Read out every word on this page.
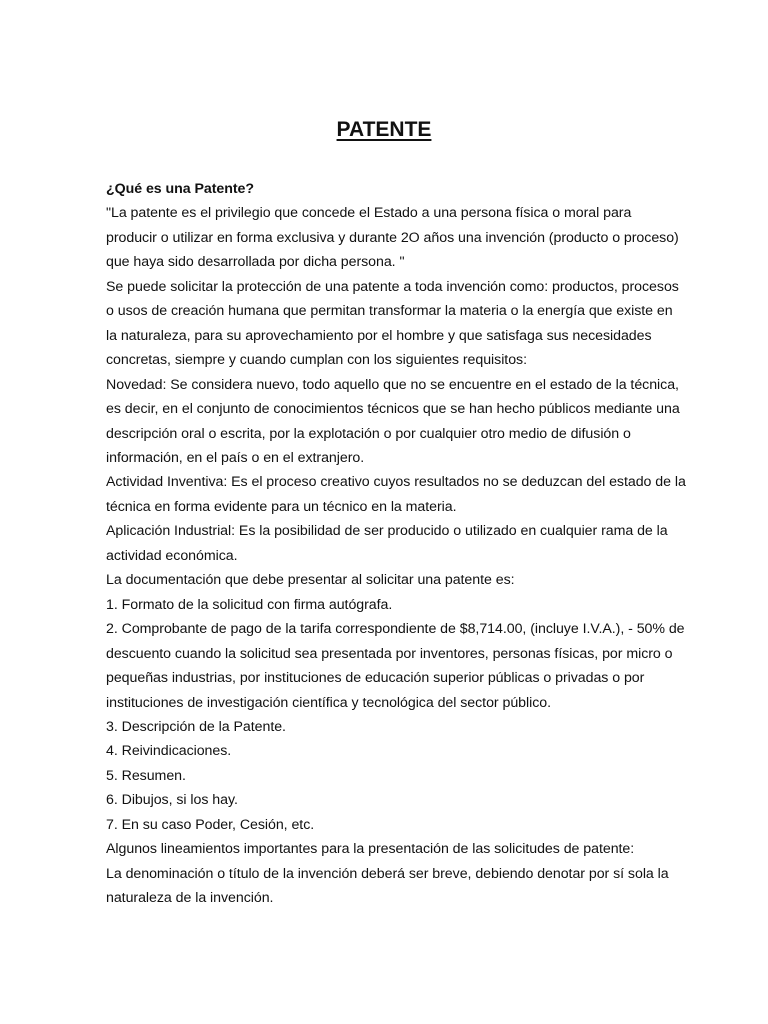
PATENTE

¿Qué es una Patente?

"La patente es el privilegio que concede el Estado a una persona física o moral para producir o utilizar en forma exclusiva y durante 2O años una invención (producto o proceso) que haya sido desarrollada por dicha persona. "

Se puede solicitar la protección de una patente a toda invención como: productos, procesos o usos de creación humana que permitan transformar la materia o la energía que existe en la naturaleza, para su aprovechamiento por el hombre y que satisfaga sus necesidades concretas, siempre y cuando cumplan con los siguientes requisitos:

Novedad: Se considera nuevo, todo aquello que no se encuentre en el estado de la técnica, es decir, en el conjunto de conocimientos técnicos que se han hecho públicos mediante una descripción oral o escrita, por la explotación o por cualquier otro medio de difusión o información, en el país o en el extranjero.

Actividad Inventiva: Es el proceso creativo cuyos resultados no se deduzcan del estado de la técnica en forma evidente para un técnico en la materia.

Aplicación Industrial: Es la posibilidad de ser producido o utilizado en cualquier rama de la actividad económica.

La documentación que debe presentar al solicitar una patente es:

1. Formato de la solicitud con firma autógrafa.

2. Comprobante de pago de la tarifa correspondiente de $8,714.00, (incluye I.V.A.), - 50% de descuento cuando la solicitud sea presentada por inventores, personas físicas, por micro o pequeñas industrias, por instituciones de educación superior públicas o privadas o por instituciones de investigación científica y tecnológica del sector público.

3. Descripción de la Patente.

4. Reivindicaciones.

5. Resumen.

6. Dibujos, si los hay.

7. En su caso Poder, Cesión, etc.

Algunos lineamientos importantes para la presentación de las solicitudes de patente:

La denominación o título de la invención deberá ser breve, debiendo denotar por sí sola la naturaleza de la invención.
